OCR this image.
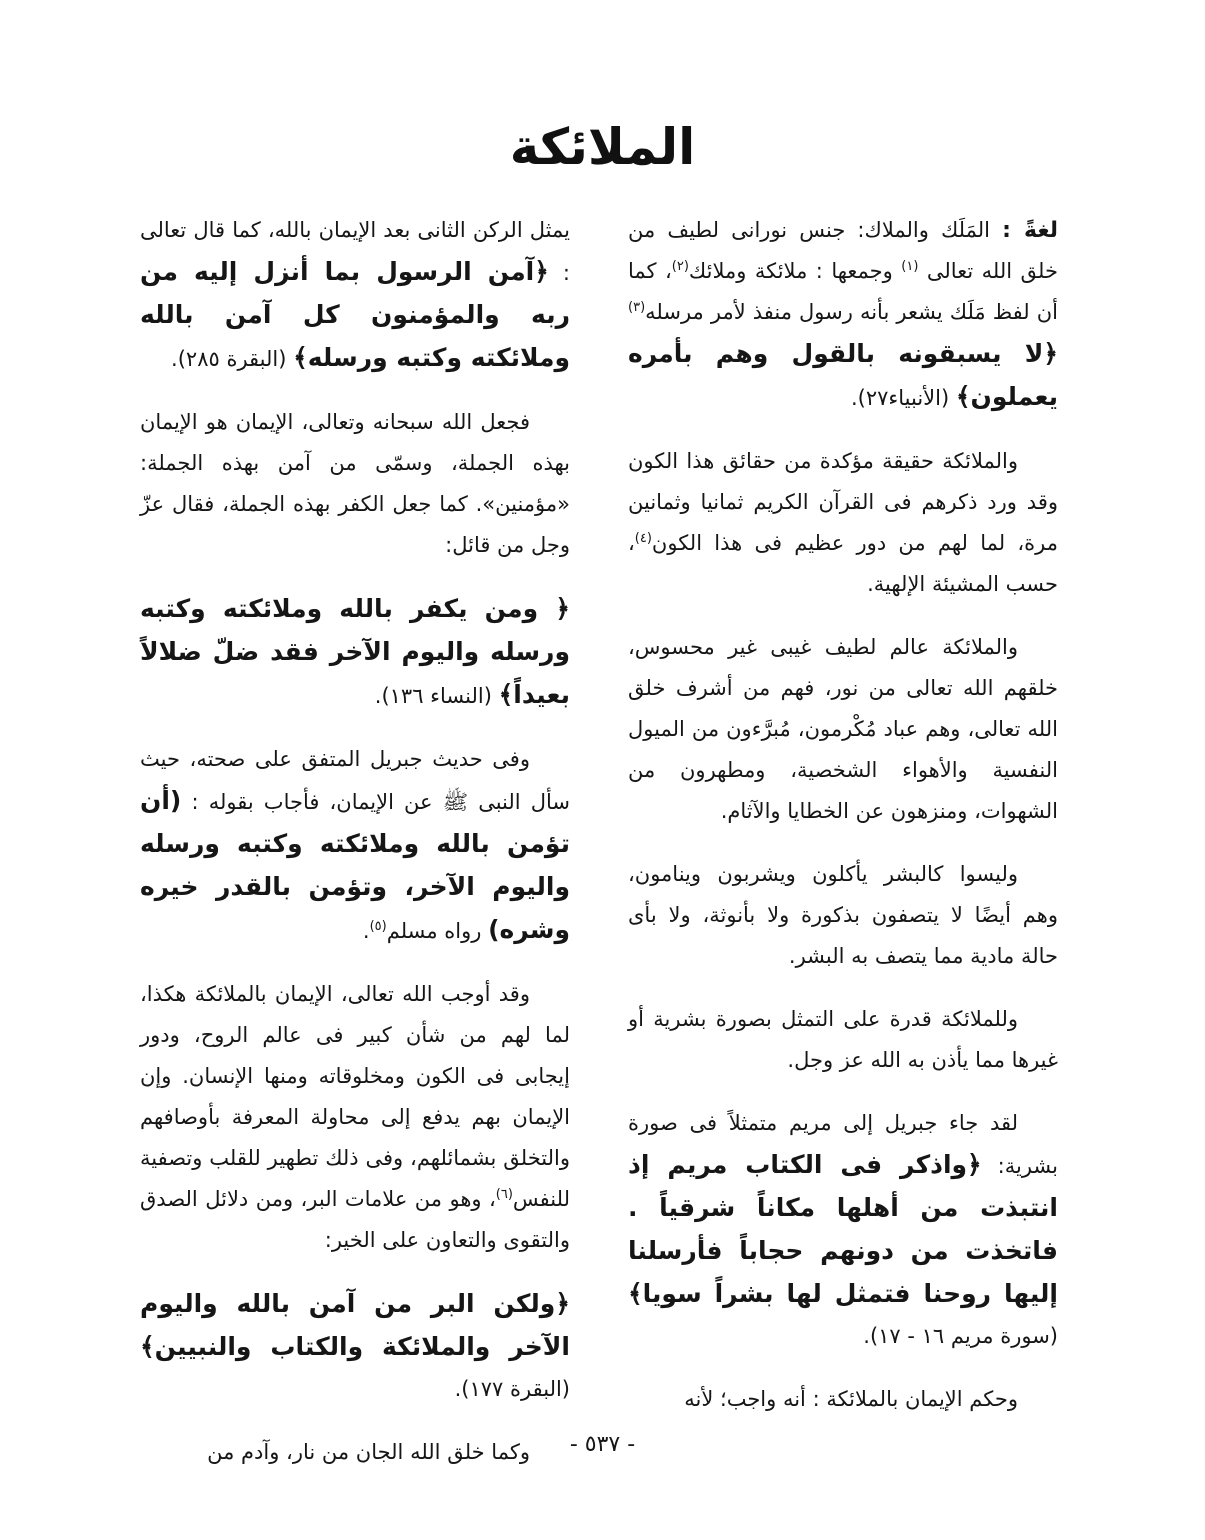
الملائكة

لغةً : المَلَك والملاك: جنس نورانى لطيف من خلق الله تعالى $^{(١)}$ وجمعها : ملائكة وملائك$^{(٢)}$، كما أن لفظ مَلَك يشعر بأنه رسول منفذ لأمر مرسله$^{(٣)}$ ﴿لا يسبقونه بالقول وهم بأمره يعملون﴾ (الأنبياء٢٧).

والملائكة حقيقة مؤكدة من حقائق هذا الكون وقد ورد ذكرهم فى القرآن الكريم ثمانيا وثمانين مرة، لما لهم من دور عظيم فى هذا الكون$^{(٤)}$، حسب المشيئة الإلهية.

والملائكة عالم لطيف غيبى غير محسوس، خلقهم الله تعالى من نور، فهم من أشرف خلق الله تعالى، وهم عباد مُكْرمون، مُبرَّءون من الميول النفسية والأهواء الشخصية، ومطهرون من الشهوات، ومنزهون عن الخطايا والآثام.

وليسوا كالبشر يأكلون ويشربون وينامون، وهم أيضًا لا يتصفون بذكورة ولا بأنوثة، ولا بأى حالة مادية مما يتصف به البشر.

وللملائكة قدرة على التمثل بصورة بشرية أو غيرها مما يأذن به الله عز وجل.

لقد جاء جبريل إلى مريم متمثلاً فى صورة بشرية: ﴿واذكر فى الكتاب مريم إذ انتبذت من أهلها مكاناً شرقياً . فاتخذت من دونهم حجاباً فأرسلنا إليها روحنا فتمثل لها بشراً سويا﴾ (سورة مريم ١٦ - ١٧).

وحكم الإيمان بالملائكة : أنه واجب؛ لأنه

يمثل الركن الثانى بعد الإيمان بالله، كما قال تعالى : ﴿آمن الرسول بما أنزل إليه من ربه والمؤمنون كل آمن بالله وملائكته وكتبه ورسله﴾ (البقرة ٢٨٥).

فجعل الله سبحانه وتعالى، الإيمان هو الإيمان بهذه الجملة، وسمّى من آمن بهذه الجملة: «مؤمنين». كما جعل الكفر بهذه الجملة، فقال عزّ وجل من قائل:

﴿ ومن يكفر بالله وملائكته وكتبه ورسله واليوم الآخر فقد ضلّ ضلالاً بعيداً﴾ (النساء ١٣٦).

وفى حديث جبريل المتفق على صحته، حيث سأل النبى ﷺ عن الإيمان، فأجاب بقوله : (أن تؤمن بالله وملائكته وكتبه ورسله واليوم الآخر، وتؤمن بالقدر خيره وشره) رواه مسلم$^{(٥)}$.

وقد أوجب الله تعالى، الإيمان بالملائكة هكذا، لما لهم من شأن كبير فى عالم الروح، ودور إيجابى فى الكون ومخلوقاته ومنها الإنسان. وإن الإيمان بهم يدفع إلى محاولة المعرفة بأوصافهم والتخلق بشمائلهم، وفى ذلك تطهير للقلب وتصفية للنفس$^{(٦)}$، وهو من علامات البر، ومن دلائل الصدق والتقوى والتعاون على الخير:

﴿ولكن البر من آمن بالله واليوم الآخر والملائكة والكتاب والنبيين﴾ (البقرة ١٧٧).

وكما خلق الله الجان من نار، وآدم من	- ٥٣٧ -
